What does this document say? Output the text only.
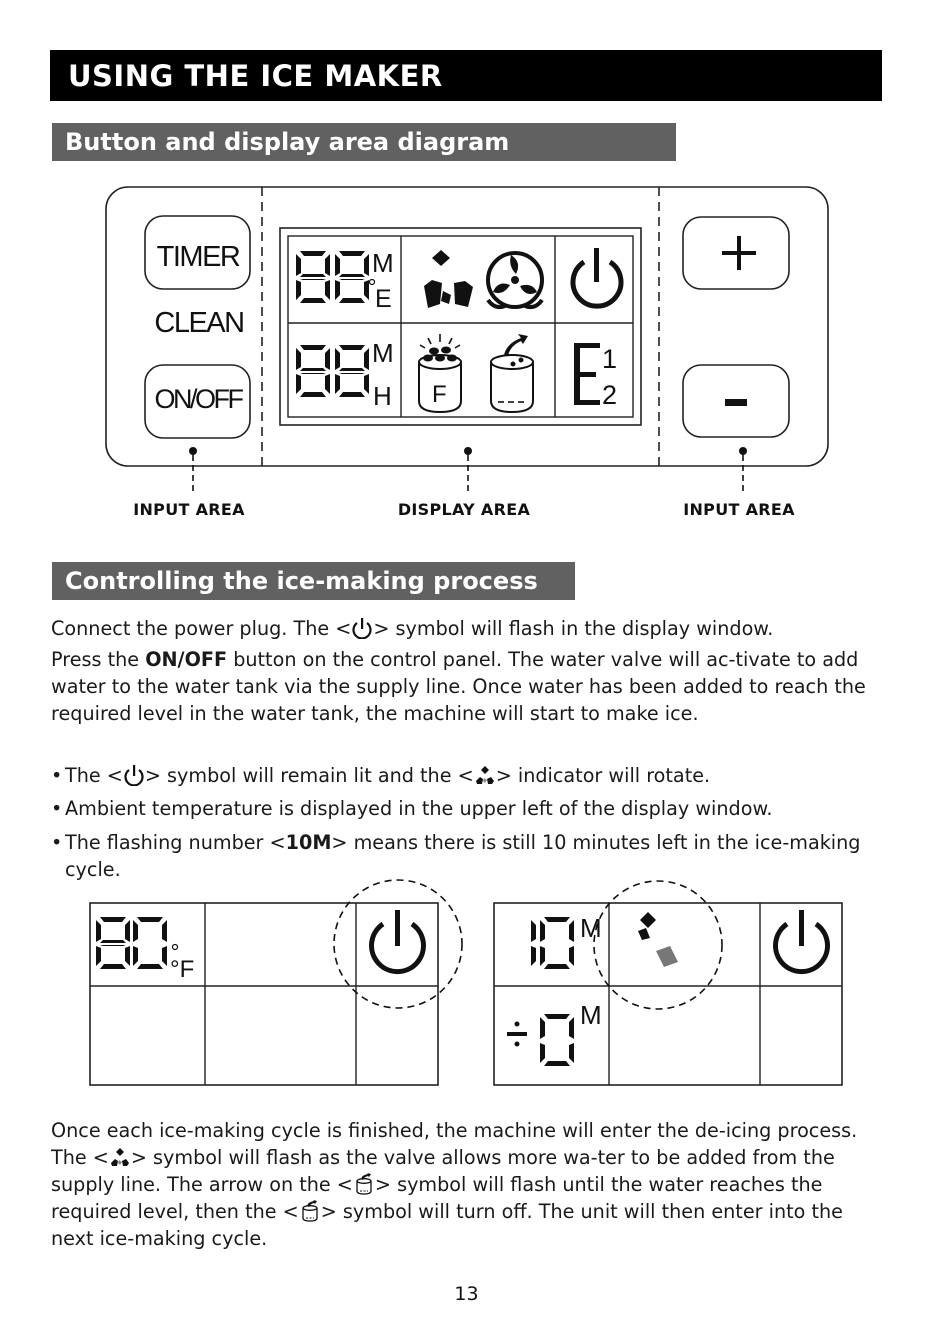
USING THE ICE MAKER
Button and display area diagram
TIMER
CLEAN
ON/OFF
M
E
M
H F
1
2
INPUT AREA	DISPLAY AREA	INPUT AREA
Controlling the ice-making process
Connect the power plug. The < > symbol will flash in the display window.
Press the ON/OFF button on the control panel. The water valve will ac-tivate to add water to the water tank via the supply line. Once water has been added to reach the required level in the water tank, the machine will start to make ice.
• The < > symbol will remain lit and the < > indicator will rotate.
• Ambient temperature is displayed in the upper left of the display window.
• The flashing number <10M> means there is still 10 minutes left in the ice-making cycle.
°F
M
M
Once each ice-making cycle is finished, the machine will enter the de-icing process. The < > symbol will flash as the valve allows more wa-ter to be added from the supply line. The arrow on the < > symbol will flash until the water reaches the required level, then the < > symbol will turn off. The unit will then enter into the next ice-making cycle.
13
